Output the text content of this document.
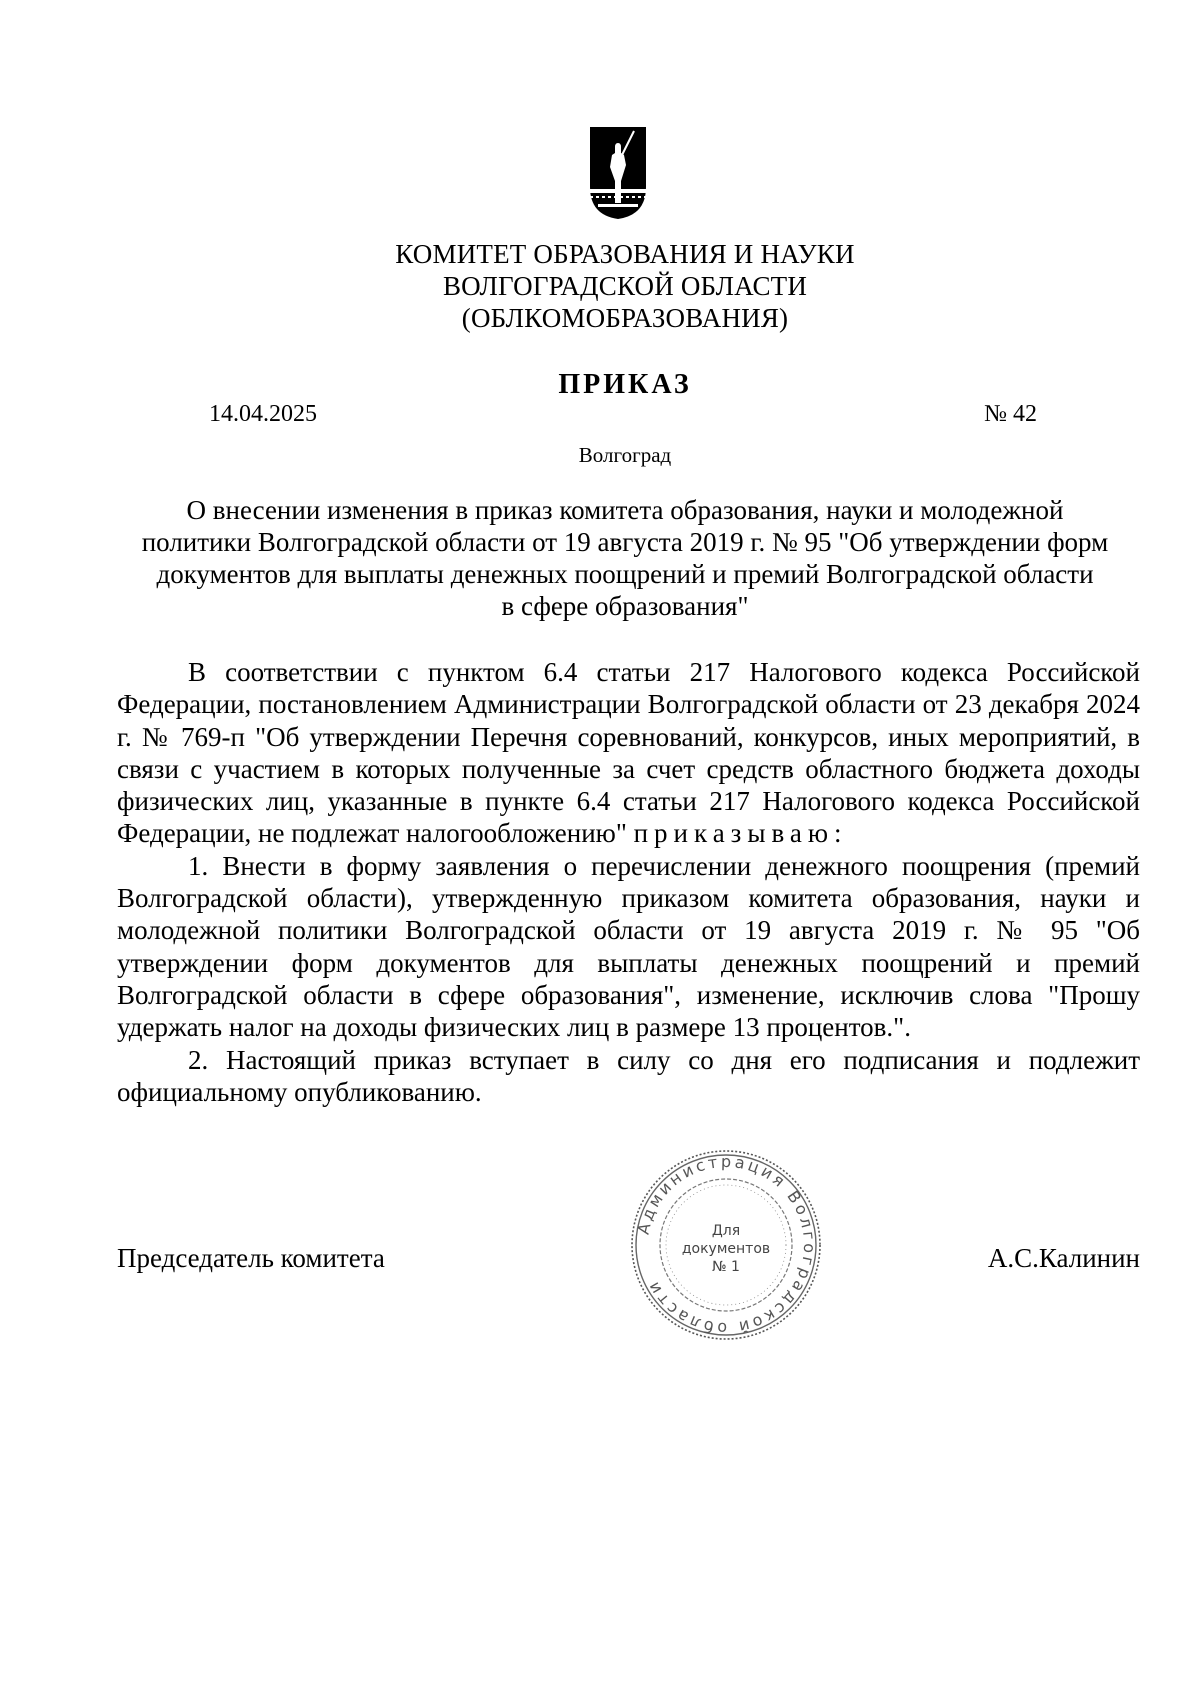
КОМИТЕТ ОБРАЗОВАНИЯ И НАУКИ
ВОЛГОГРАДСКОЙ ОБЛАСТИ
(ОБЛКОМОБРАЗОВАНИЯ)
ПРИКАЗ
14.04.2025	№ 42
Волгоград
О внесении изменения в приказ комитета образования, науки и молодежной
политики Волгоградской области от 19 августа 2019 г. № 95 "Об утверждении форм
документов для выплаты денежных поощрений и премий Волгоградской области
в сфере образования"

В соответствии с пунктом 6.4 статьи 217 Налогового кодекса Российской Федерации, постановлением Администрации Волгоградской области от 23 декабря 2024 г. № 769-п "Об утверждении Перечня соревнований, конкурсов, иных мероприятий, в связи с участием в которых полученные за счет средств областного бюджета доходы физических лиц, указанные в пункте 6.4 статьи 217 Налогового кодекса Российской Федерации, не подлежат налогообложению" приказываю:

1. Внести в форму заявления о перечислении денежного поощрения (премий Волгоградской области), утвержденную приказом комитета образования, науки и молодежной политики Волгоградской области от 19 августа 2019 г. № 95 "Об утверждении форм документов для выплаты денежных поощрений и премий Волгоградской области в сфере образования", изменение, исключив слова "Прошу удержать налог на доходы физических лиц в размере 13 процентов.".

2. Настоящий приказ вступает в силу со дня его подписания и подлежит официальному опубликованию.

Председатель комитета	А.С.Калинин
Администрация Волгоградской области
Для
документов
№ 1
